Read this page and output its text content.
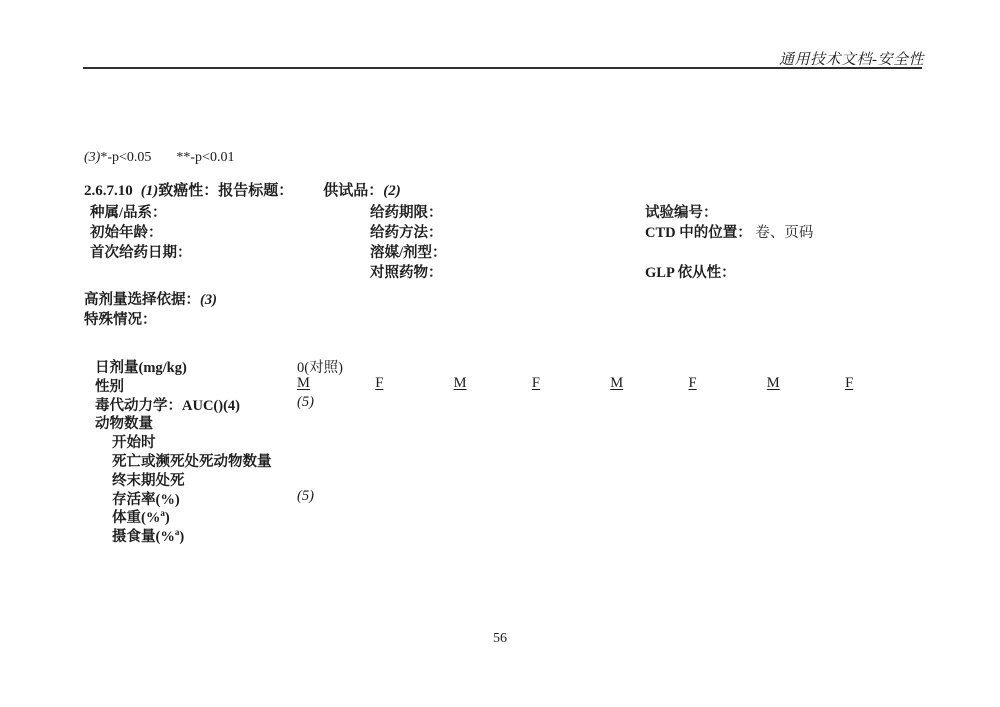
通用技术文档-安全性
(3)*-p<0.05 **-p<0.01
2.6.7.10 (1)致癌性：报告标题： 供试品：(2)
种属/品系：
初始年龄：
首次给药日期：
给药期限：
给药方法：
溶媒/剂型：
对照药物：
试验编号：
CTD 中的位置： 卷、页码
GLP 依从性：
高剂量选择依据：(3)
特殊情况：
日剂量(mg/kg)	0(对照)
性别	M	F	M	F	M	F	M	F
毒代动力学：AUC()(4)	(5)
动物数量
开始时
死亡或濒死处死动物数量
终末期处死
存活率(%)	(5)
体重(%$^a$)
摄食量(%$^a$)
56
